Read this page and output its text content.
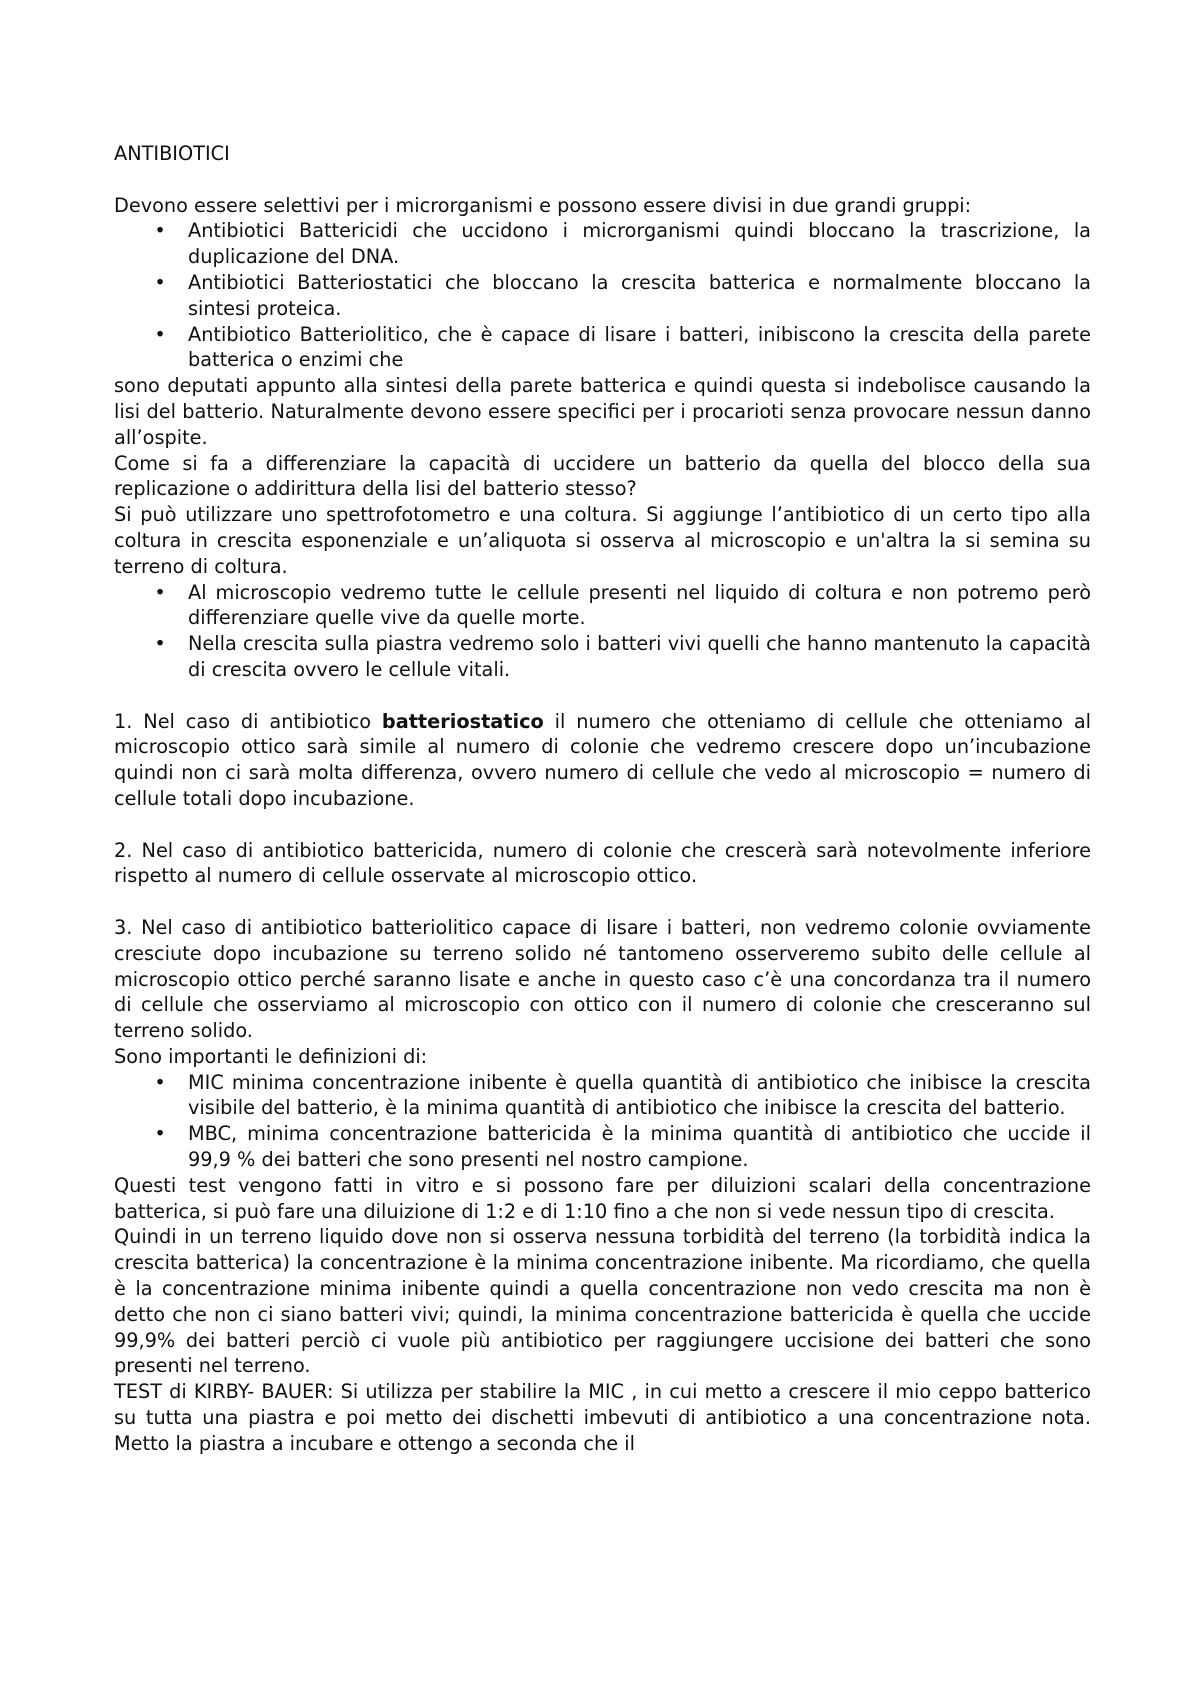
ANTIBIOTICI

Devono essere selettivi per i microrganismi e possono essere divisi in due grandi gruppi:

• Antibiotici Battericidi che uccidono i microrganismi quindi bloccano la trascrizione, la duplicazione del DNA.
• Antibiotici Batteriostatici che bloccano la crescita batterica e normalmente bloccano la sintesi proteica.
• Antibiotico Batteriolitico, che è capace di lisare i batteri, inibiscono la crescita della parete batterica o enzimi che

sono deputati appunto alla sintesi della parete batterica e quindi questa si indebolisce causando la lisi del batterio. Naturalmente devono essere specifici per i procarioti senza provocare nessun danno all’ospite.

Come si fa a differenziare la capacità di uccidere un batterio da quella del blocco della sua replicazione o addirittura della lisi del batterio stesso?

Si può utilizzare uno spettrofotometro e una coltura. Si aggiunge l’antibiotico di un certo tipo alla coltura in crescita esponenziale e un’aliquota si osserva al microscopio e un'altra la si semina su terreno di coltura.

• Al microscopio vedremo tutte le cellule presenti nel liquido di coltura e non potremo però differenziare quelle vive da quelle morte.
• Nella crescita sulla piastra vedremo solo i batteri vivi quelli che hanno mantenuto la capacità di crescita ovvero le cellule vitali.

1. Nel caso di antibiotico batteriostatico il numero che otteniamo di cellule che otteniamo al microscopio ottico sarà simile al numero di colonie che vedremo crescere dopo un’incubazione quindi non ci sarà molta differenza, ovvero numero di cellule che vedo al microscopio = numero di cellule totali dopo incubazione.

2. Nel caso di antibiotico battericida, numero di colonie che crescerà sarà notevolmente inferiore rispetto al numero di cellule osservate al microscopio ottico.

3. Nel caso di antibiotico batteriolitico capace di lisare i batteri, non vedremo colonie ovviamente cresciute dopo incubazione su terreno solido né tantomeno osserveremo subito delle cellule al microscopio ottico perché saranno lisate e anche in questo caso c’è una concordanza tra il numero di cellule che osserviamo al microscopio con ottico con il numero di colonie che cresceranno sul terreno solido.

Sono importanti le definizioni di:

• MIC minima concentrazione inibente è quella quantità di antibiotico che inibisce la crescita visibile del batterio, è la minima quantità di antibiotico che inibisce la crescita del batterio.
• MBC, minima concentrazione battericida è la minima quantità di antibiotico che uccide il 99,9 % dei batteri che sono presenti nel nostro campione.

Questi test vengono fatti in vitro e si possono fare per diluizioni scalari della concentrazione batterica, si può fare una diluizione di 1:2 e di 1:10 fino a che non si vede nessun tipo di crescita.

Quindi in un terreno liquido dove non si osserva nessuna torbidità del terreno (la torbidità indica la crescita batterica) la concentrazione è la minima concentrazione inibente. Ma ricordiamo, che quella è la concentrazione minima inibente quindi a quella concentrazione non vedo crescita ma non è detto che non ci siano batteri vivi; quindi, la minima concentrazione battericida è quella che uccide 99,9% dei batteri perciò ci vuole più antibiotico per raggiungere uccisione dei batteri che sono presenti nel terreno.

TEST di KIRBY- BAUER: Si utilizza per stabilire la MIC , in cui metto a crescere il mio ceppo batterico su tutta una piastra e poi metto dei dischetti imbevuti di antibiotico a una concentrazione nota. Metto la piastra a incubare e ottengo a seconda che il
